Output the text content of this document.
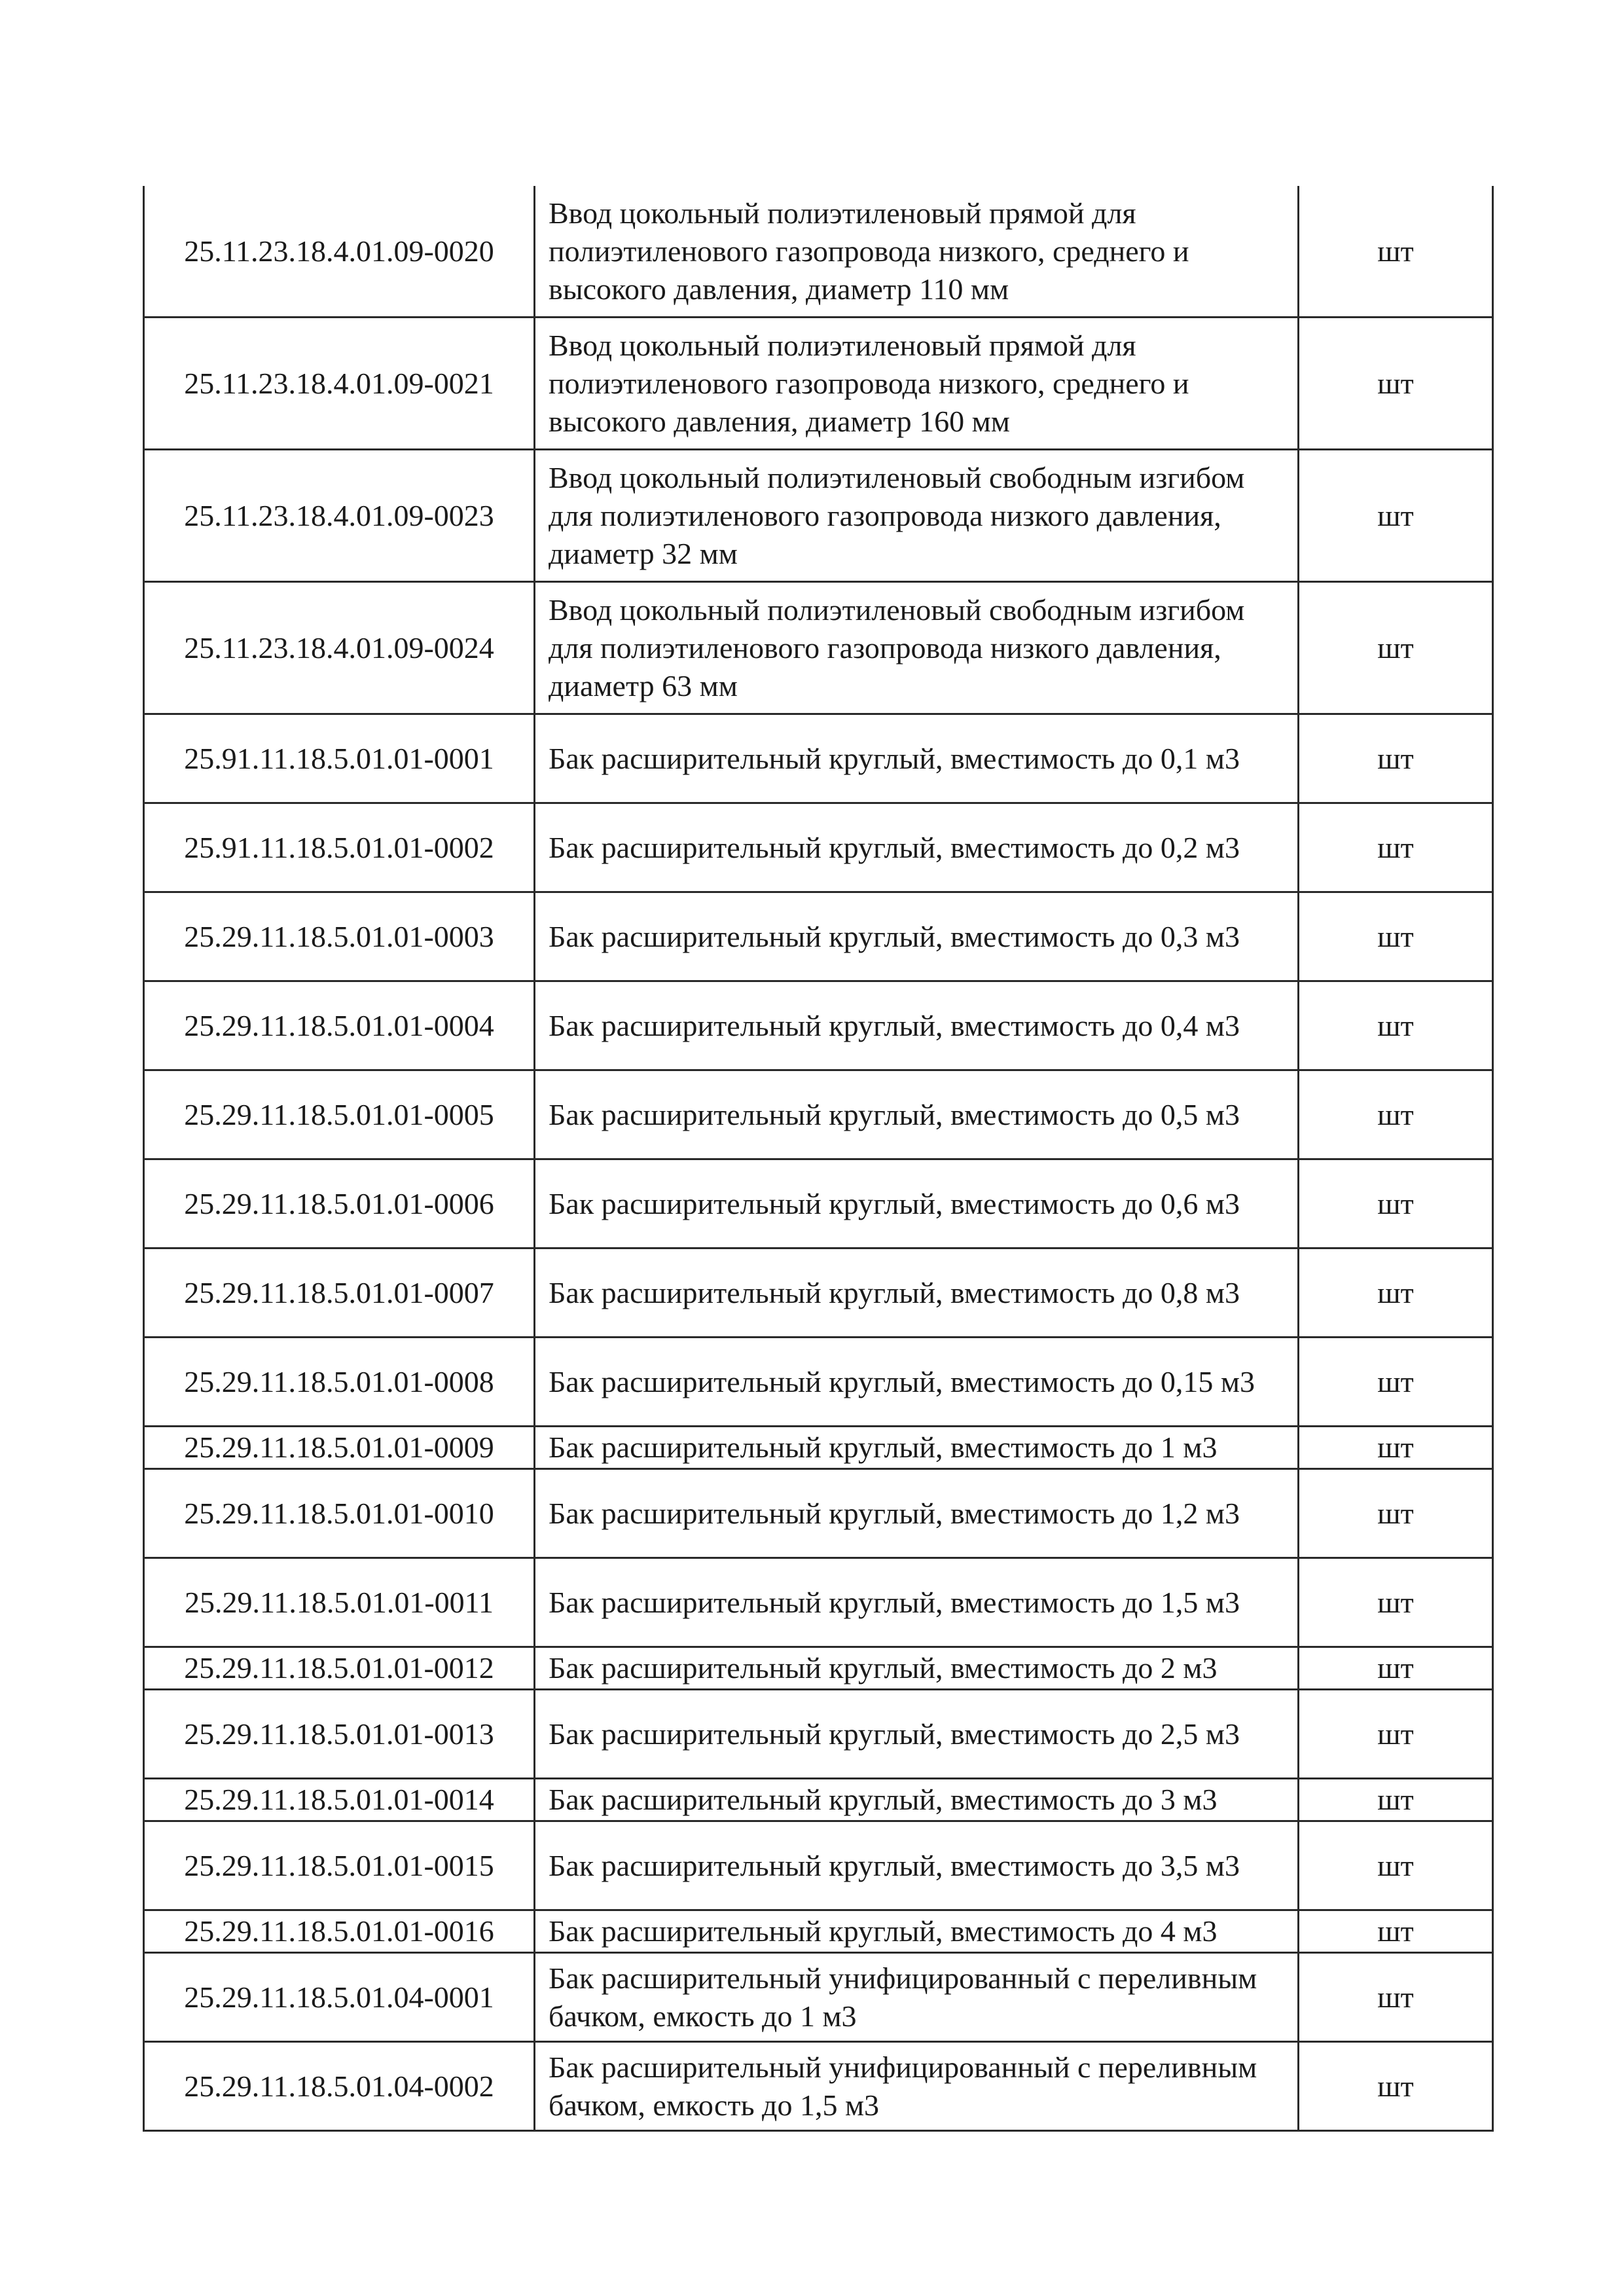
25.11.23.18.4.01.09-0020	Ввод цокольный полиэтиленовый прямой для полиэтиленового газопровода низкого, среднего и высокого давления, диаметр 110 мм	шт
25.11.23.18.4.01.09-0021	Ввод цокольный полиэтиленовый прямой для полиэтиленового газопровода низкого, среднего и высокого давления, диаметр 160 мм	шт
25.11.23.18.4.01.09-0023	Ввод цокольный полиэтиленовый свободным изгибом для полиэтиленового газопровода низкого давления, диаметр 32 мм	шт
25.11.23.18.4.01.09-0024	Ввод цокольный полиэтиленовый свободным изгибом для полиэтиленового газопровода низкого давления, диаметр 63 мм	шт
25.91.11.18.5.01.01-0001	Бак расширительный круглый, вместимость до 0,1 м3	шт
25.91.11.18.5.01.01-0002	Бак расширительный круглый, вместимость до 0,2 м3	шт
25.29.11.18.5.01.01-0003	Бак расширительный круглый, вместимость до 0,3 м3	шт
25.29.11.18.5.01.01-0004	Бак расширительный круглый, вместимость до 0,4 м3	шт
25.29.11.18.5.01.01-0005	Бак расширительный круглый, вместимость до 0,5 м3	шт
25.29.11.18.5.01.01-0006	Бак расширительный круглый, вместимость до 0,6 м3	шт
25.29.11.18.5.01.01-0007	Бак расширительный круглый, вместимость до 0,8 м3	шт
25.29.11.18.5.01.01-0008	Бак расширительный круглый, вместимость до 0,15 м3	шт
25.29.11.18.5.01.01-0009	Бак расширительный круглый, вместимость до 1 м3	шт
25.29.11.18.5.01.01-0010	Бак расширительный круглый, вместимость до 1,2 м3	шт
25.29.11.18.5.01.01-0011	Бак расширительный круглый, вместимость до 1,5 м3	шт
25.29.11.18.5.01.01-0012	Бак расширительный круглый, вместимость до 2 м3	шт
25.29.11.18.5.01.01-0013	Бак расширительный круглый, вместимость до 2,5 м3	шт
25.29.11.18.5.01.01-0014	Бак расширительный круглый, вместимость до 3 м3	шт
25.29.11.18.5.01.01-0015	Бак расширительный круглый, вместимость до 3,5 м3	шт
25.29.11.18.5.01.01-0016	Бак расширительный круглый, вместимость до 4 м3	шт
25.29.11.18.5.01.04-0001	Бак расширительный унифицированный с переливным бачком, емкость до 1 м3	шт
25.29.11.18.5.01.04-0002	Бак расширительный унифицированный с переливным бачком, емкость до 1,5 м3	шт
